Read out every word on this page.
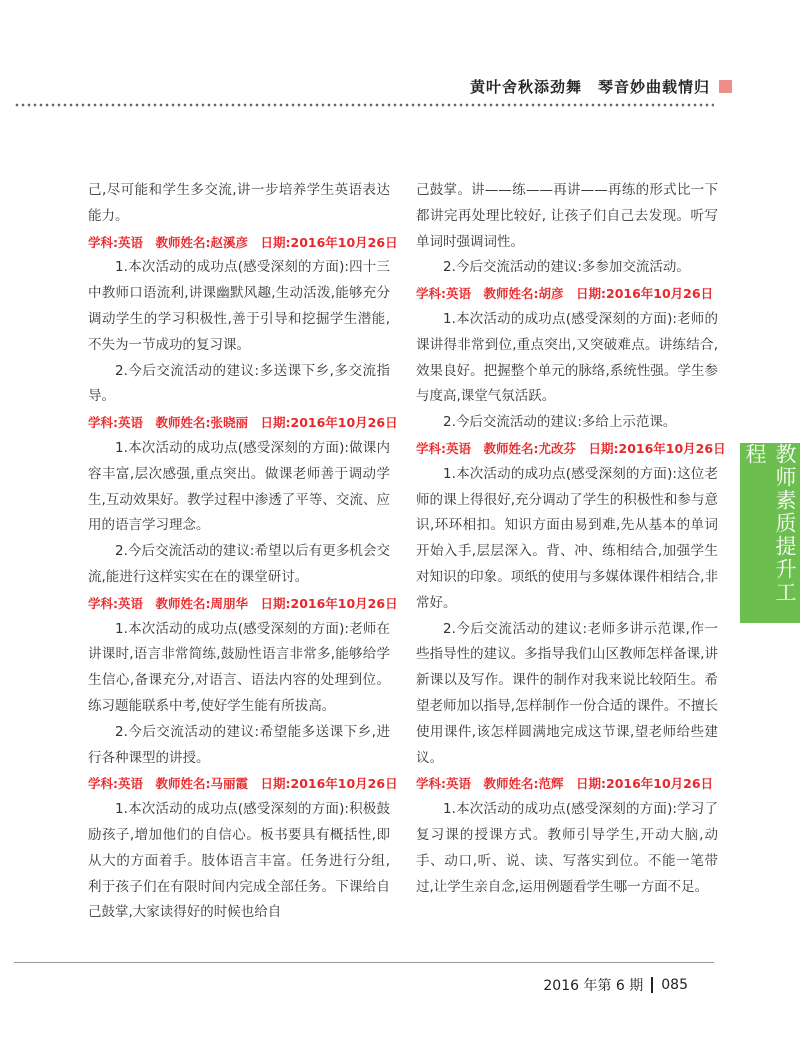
黄叶舍秋添劲舞　琴音妙曲载情归

己,尽可能和学生多交流,讲一步培养学生英语表达能力。

学科:英语　教师姓名:赵溪彦　日期:2016年10月26日

1.本次活动的成功点(感受深刻的方面):四十三中教师口语流利,讲课幽默风趣,生动活泼,能够充分调动学生的学习积极性,善于引导和挖掘学生潜能,不失为一节成功的复习课。

2.今后交流活动的建议:多送课下乡,多交流指导。

学科:英语　教师姓名:张晓丽　日期:2016年10月26日

1.本次活动的成功点(感受深刻的方面):做课内容丰富,层次感强,重点突出。做课老师善于调动学生,互动效果好。教学过程中渗透了平等、交流、应用的语言学习理念。

2.今后交流活动的建议:希望以后有更多机会交流,能进行这样实实在在的课堂研讨。

学科:英语　教师姓名:周朋华　日期:2016年10月26日

1.本次活动的成功点(感受深刻的方面):老师在讲课时,语言非常简练,鼓励性语言非常多,能够给学生信心,备课充分,对语言、语法内容的处理到位。练习题能联系中考,使好学生能有所拔高。

2.今后交流活动的建议:希望能多送课下乡,进行各种课型的讲授。

学科:英语　教师姓名:马丽霞　日期:2016年10月26日

1.本次活动的成功点(感受深刻的方面):积极鼓励孩子,增加他们的自信心。板书要具有概括性,即从大的方面着手。肢体语言丰富。任务进行分组, 利于孩子们在有限时间内完成全部任务。下课给自己鼓掌,大家读得好的时候也给自

己鼓掌。讲——练——再讲——再练的形式比一下都讲完再处理比较好, 让孩子们自己去发现。听写单词时强调词性。

2.今后交流活动的建议:多参加交流活动。

学科:英语　教师姓名:胡彦　日期:2016年10月26日

1.本次活动的成功点(感受深刻的方面):老师的课讲得非常到位,重点突出,又突破难点。讲练结合,效果良好。把握整个单元的脉络,系统性强。学生参与度高,课堂气氛活跃。

2.今后交流活动的建议:多给上示范课。

学科:英语　教师姓名:尤改芬　日期:2016年10月26日

1.本次活动的成功点(感受深刻的方面):这位老师的课上得很好,充分调动了学生的积极性和参与意识,环环相扣。知识方面由易到难,先从基本的单词开始入手,层层深入。背、冲、练相结合,加强学生对知识的印象。项纸的使用与多媒体课件相结合,非常好。

2.今后交流活动的建议:老师多讲示范课,作一些指导性的建议。多指导我们山区教师怎样备课,讲新课以及写作。课件的制作对我来说比较陌生。希望老师加以指导,怎样制作一份合适的课件。不擅长使用课件,该怎样圆满地完成这节课,望老师给些建议。

学科:英语　教师姓名:范辉　日期:2016年10月26日

1.本次活动的成功点(感受深刻的方面):学习了复习课的授课方式。教师引导学生,开动大脑,动手、动口,听、说、读、写落实到位。不能一笔带过,让学生亲自念,运用例题看学生哪一方面不足。

教师素质提升工程
2016 年第 6 期 085
